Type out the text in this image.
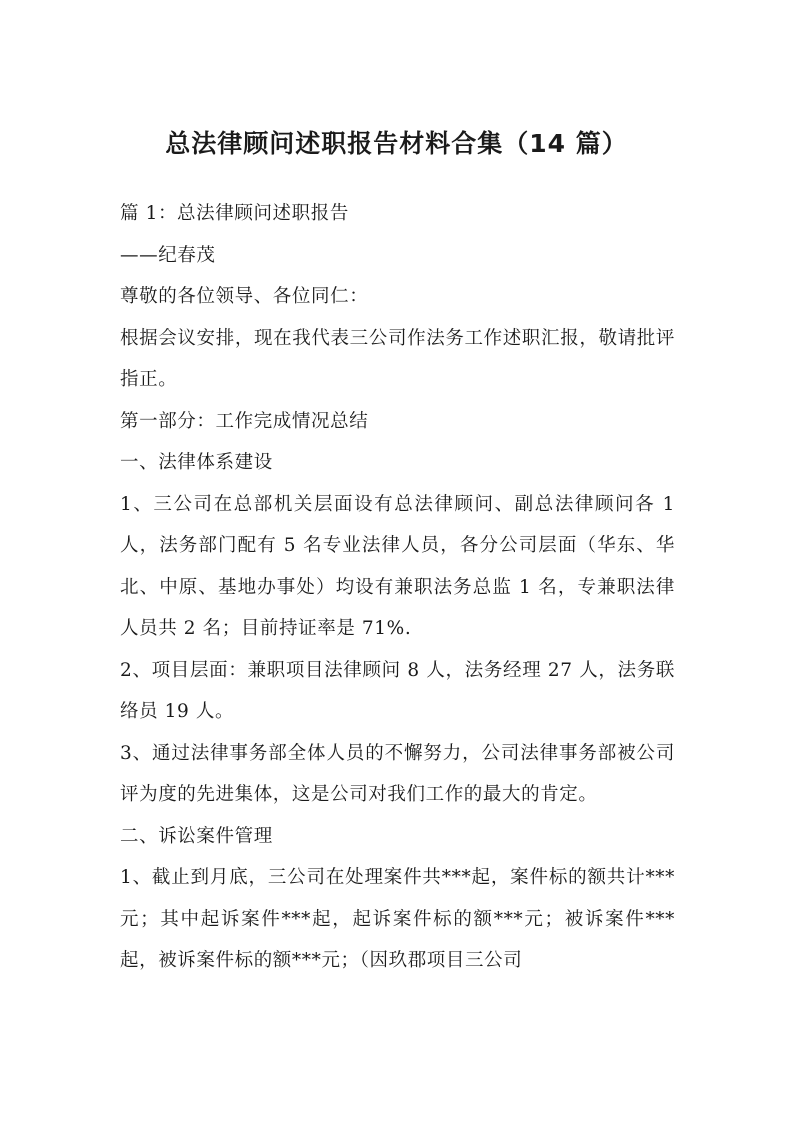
总法律顾问述职报告材料合集（14 篇）

篇 1：总法律顾问述职报告

——纪春茂

尊敬的各位领导、各位同仁：

根据会议安排，现在我代表三公司作法务工作述职汇报，敬请批评指正。

第一部分：工作完成情况总结

一、法律体系建设

1、三公司在总部机关层面设有总法律顾问、副总法律顾问各 1 人，法务部门配有 5 名专业法律人员，各分公司层面（华东、华北、中原、基地办事处）均设有兼职法务总监 1 名，专兼职法律人员共 2 名；目前持证率是 71%.

2、项目层面：兼职项目法律顾问 8 人，法务经理 27 人，法务联络员 19 人。

3、通过法律事务部全体人员的不懈努力，公司法律事务部被公司评为度的先进集体，这是公司对我们工作的最大的肯定。

二、诉讼案件管理

1、截止到月底，三公司在处理案件共***起，案件标的额共计***元；其中起诉案件***起，起诉案件标的额***元；被诉案件***起，被诉案件标的额***元；（因玖郡项目三公司
